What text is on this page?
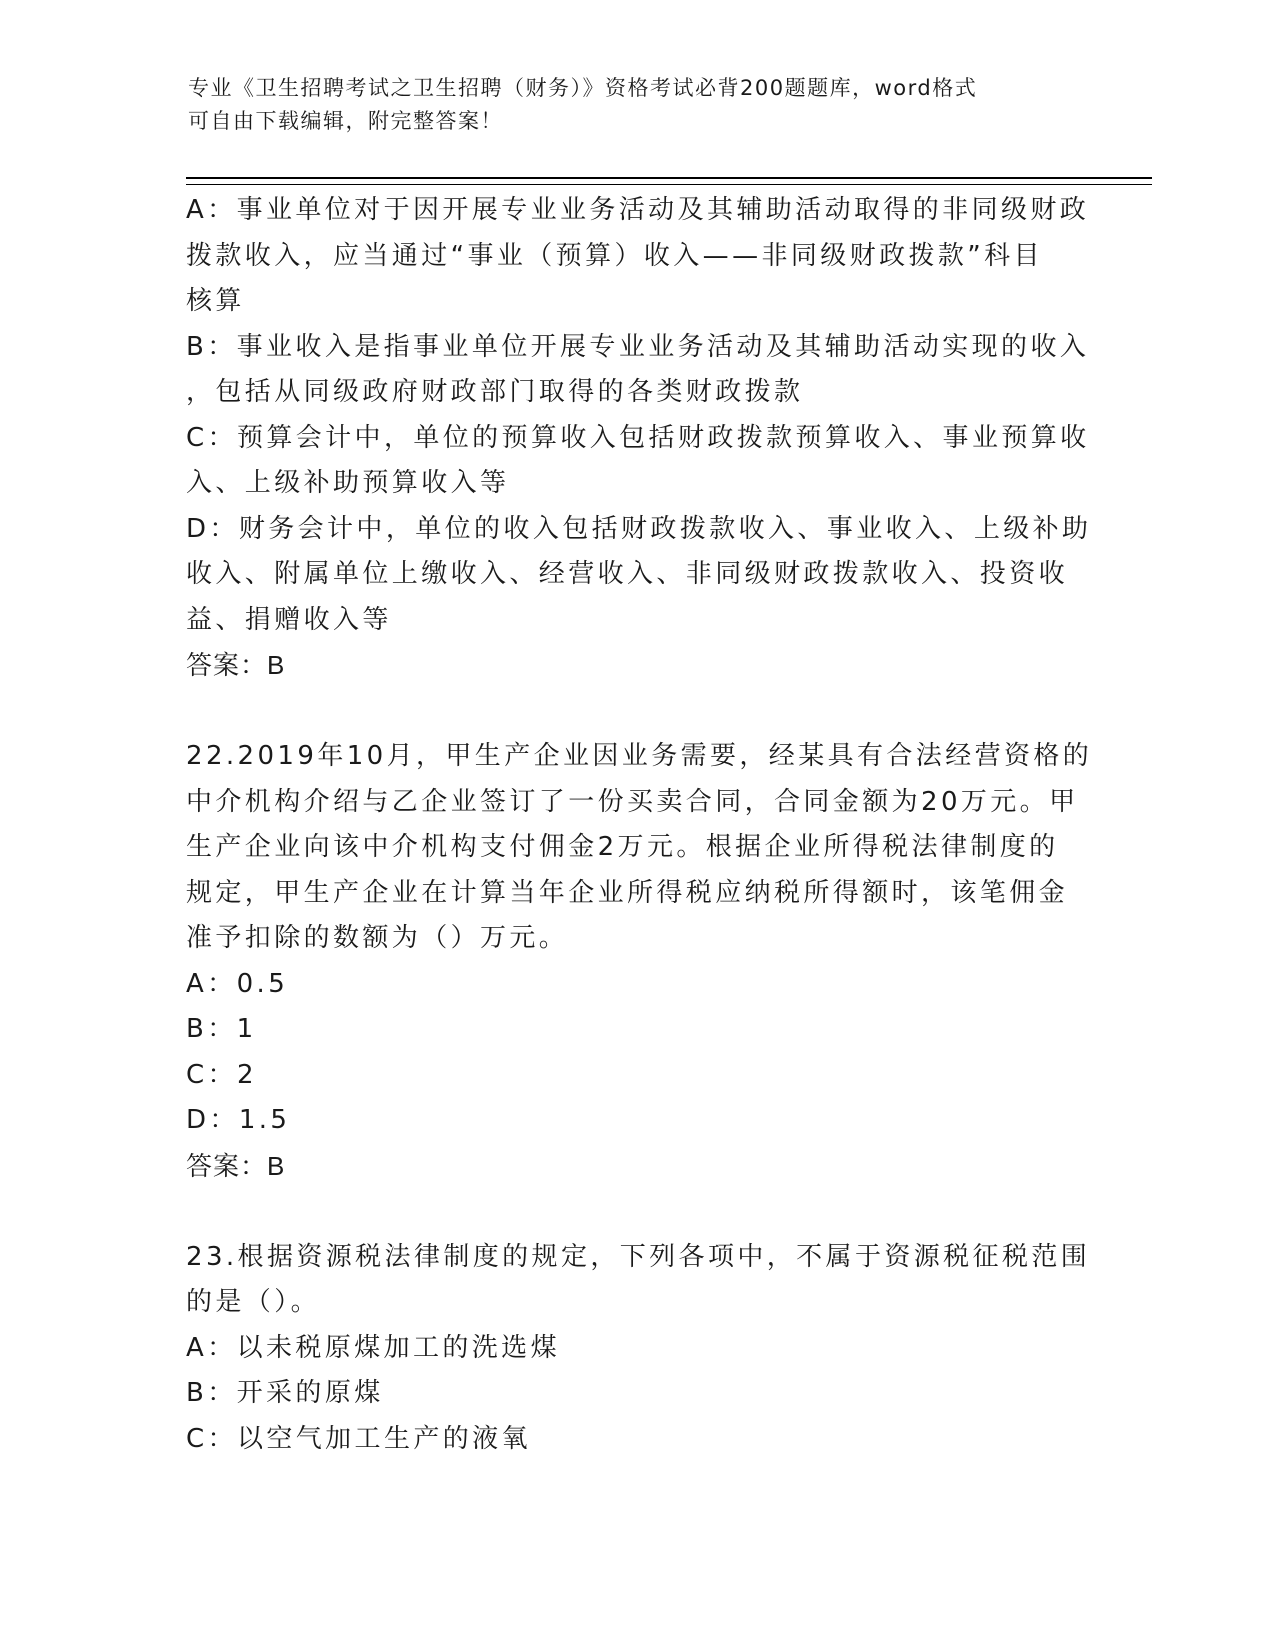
专业《卫生招聘考试之卫生招聘（财务）》资格考试必背200题题库，word格式
可自由下载编辑，附完整答案！
A：事业单位对于因开展专业业务活动及其辅助活动取得的非同级财政
拨款收入，应当通过“事业（预算）收入——非同级财政拨款”科目
核算
B：事业收入是指事业单位开展专业业务活动及其辅助活动实现的收入
，包括从同级政府财政部门取得的各类财政拨款
C：预算会计中，单位的预算收入包括财政拨款预算收入、事业预算收
入、上级补助预算收入等
D：财务会计中，单位的收入包括财政拨款收入、事业收入、上级补助
收入、附属单位上缴收入、经营收入、非同级财政拨款收入、投资收
益、捐赠收入等
答案：B
22.2019年10月，甲生产企业因业务需要，经某具有合法经营资格的
中介机构介绍与乙企业签订了一份买卖合同，合同金额为20万元。甲
生产企业向该中介机构支付佣金2万元。根据企业所得税法律制度的
规定，甲生产企业在计算当年企业所得税应纳税所得额时，该笔佣金
准予扣除的数额为（）万元。
A：0.5
B：1
C：2
D：1.5
答案：B
23.根据资源税法律制度的规定，下列各项中，不属于资源税征税范围
的是（）。
A：以未税原煤加工的洗选煤
B：开采的原煤
C：以空气加工生产的液氧
